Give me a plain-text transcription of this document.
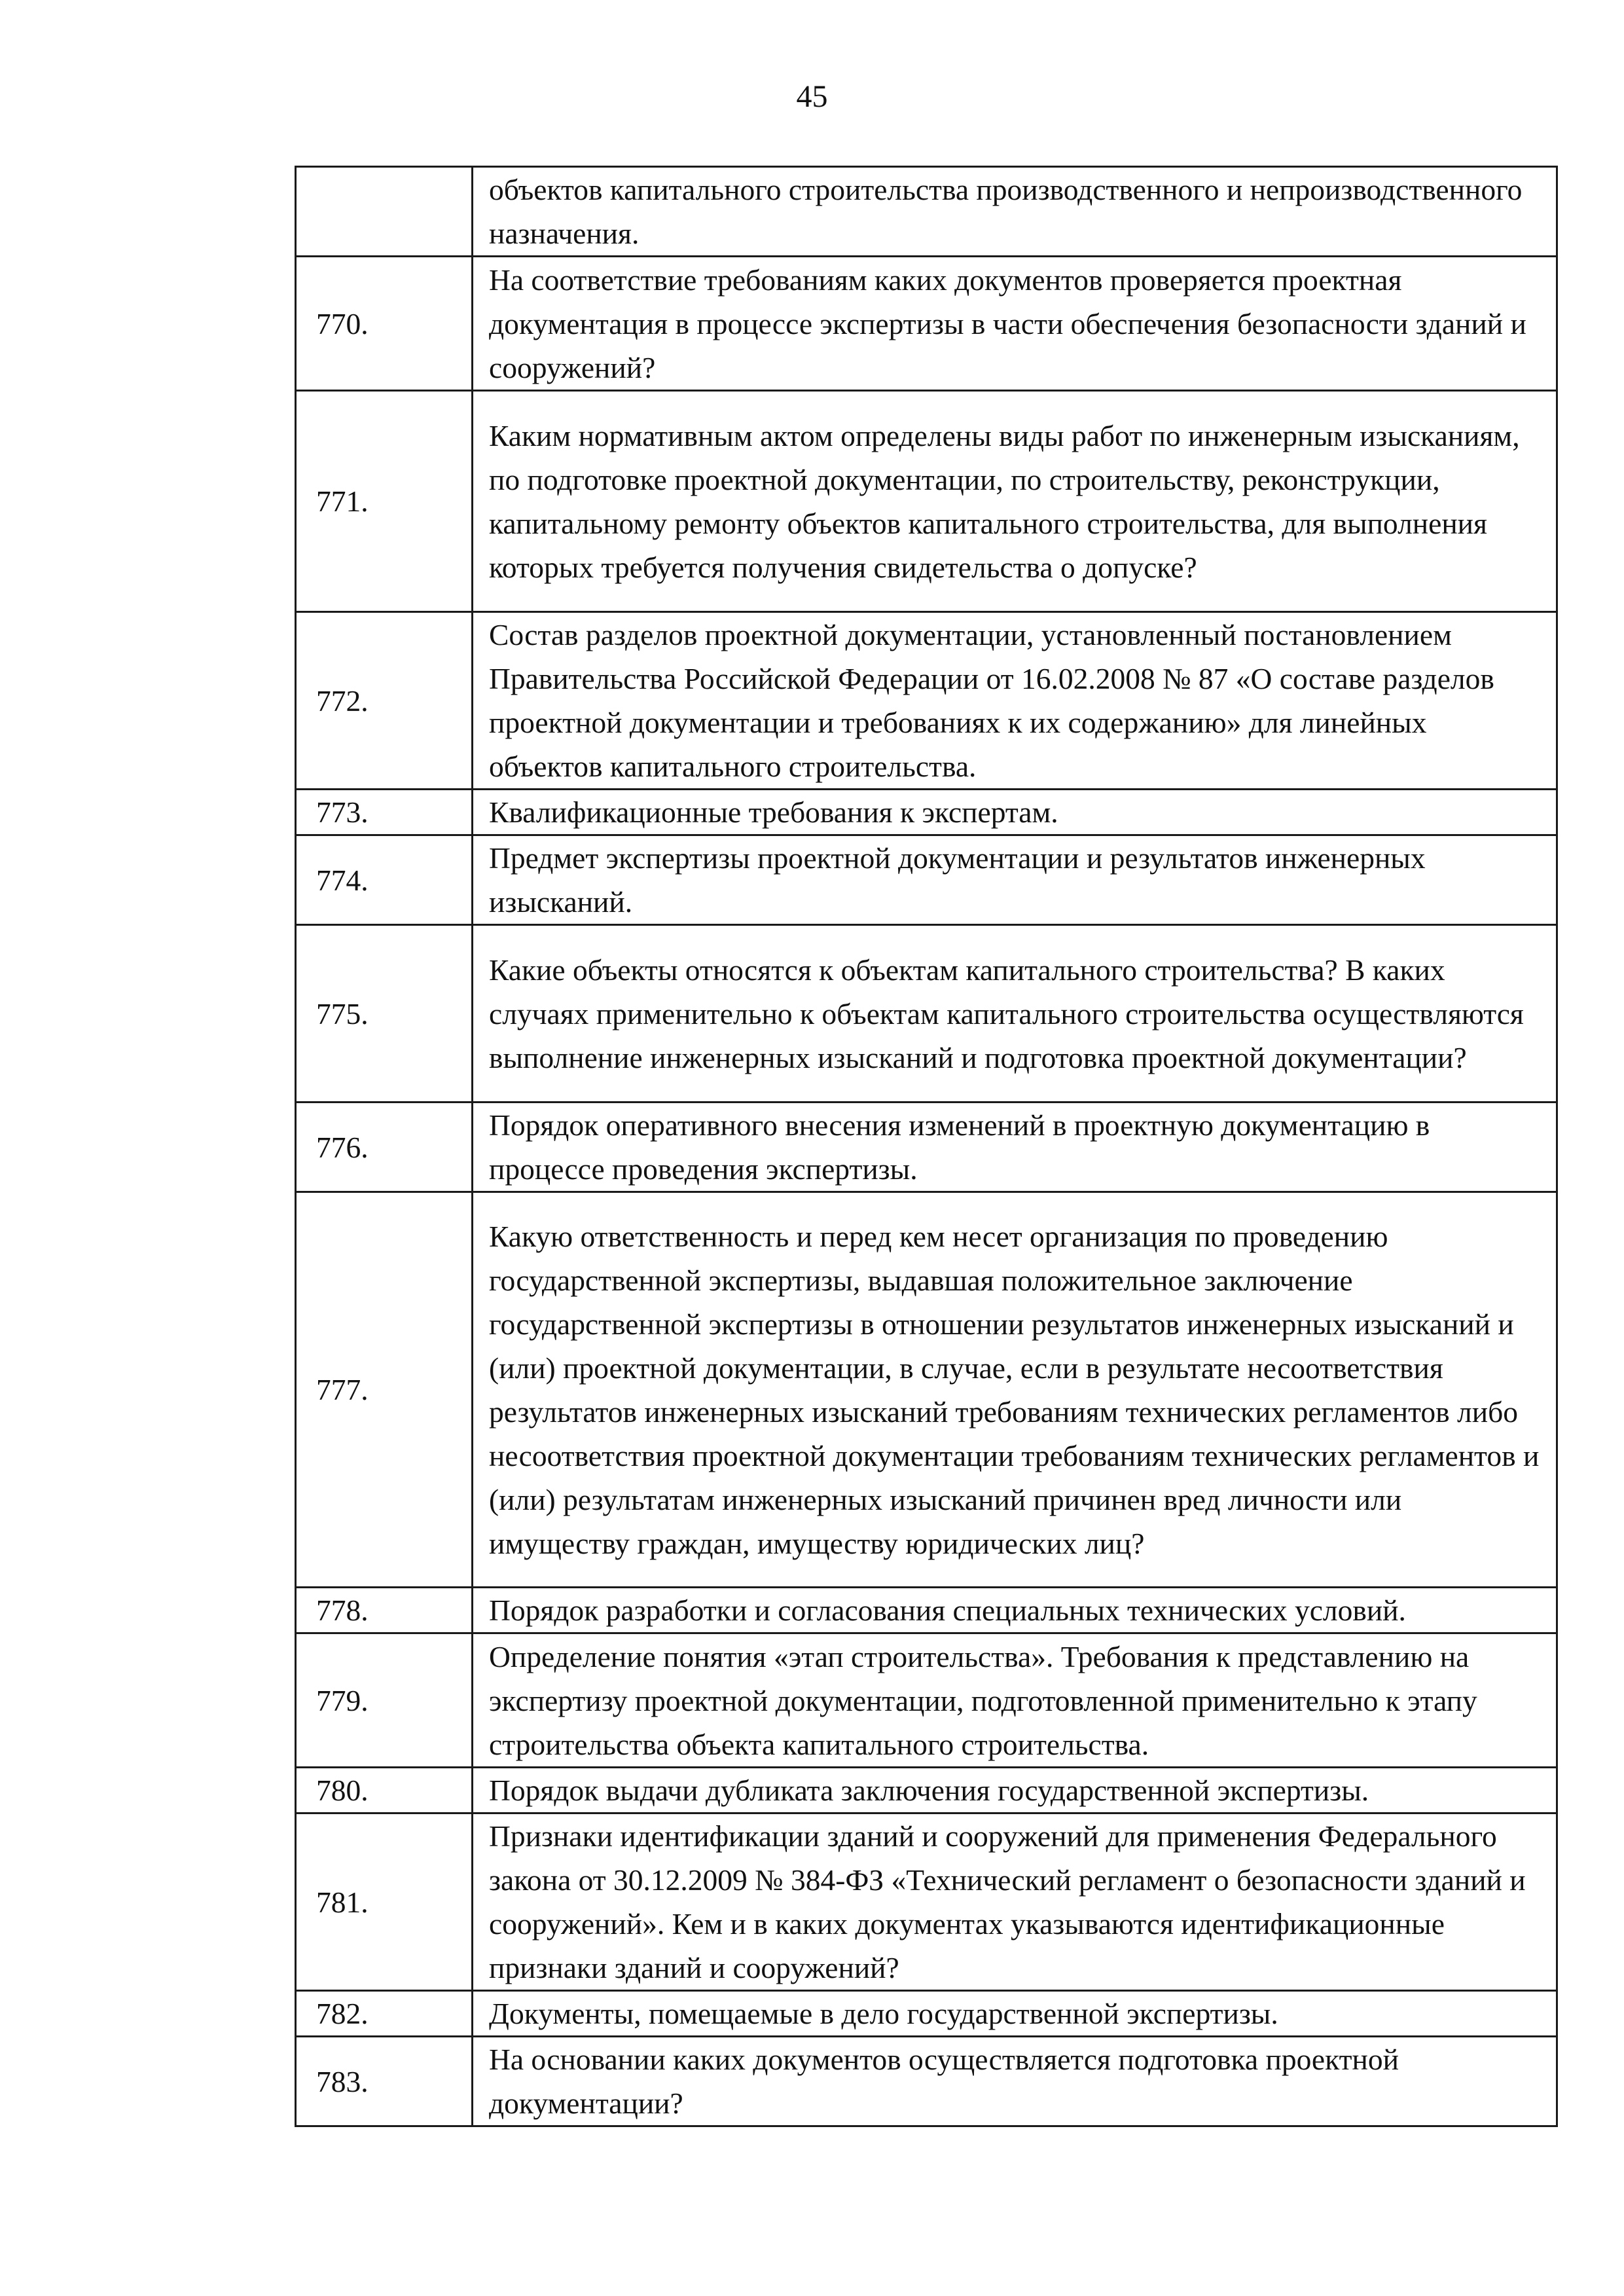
45
	объектов капитального строительства производственного и непроизводственного назначения.
770.	На соответствие требованиям каких документов проверяется проектная документация в процессе экспертизы в части обеспечения безопасности зданий и сооружений?
771.	Каким нормативным актом определены виды работ по инженерным изысканиям, по подготовке проектной документации, по строительству, реконструкции, капитальному ремонту объектов капитального строительства, для выполнения которых требуется получения свидетельства о допуске?
772.	Состав разделов проектной документации, установленный постановлением Правительства Российской Федерации от 16.02.2008 № 87 «О составе разделов проектной документации и требованиях к их содержанию» для линейных объектов капитального строительства.
773.	Квалификационные требования к экспертам.
774.	Предмет экспертизы проектной документации и результатов инженерных изысканий.
775.	Какие объекты относятся к объектам капитального строительства? В каких случаях применительно к объектам капитального строительства осуществляются выполнение инженерных изысканий и подготовка проектной документации?
776.	Порядок оперативного внесения изменений в проектную документацию в процессе проведения экспертизы.
777.	Какую ответственность и перед кем несет организация по проведению государственной экспертизы, выдавшая положительное заключение государственной экспертизы в отношении результатов инженерных изысканий и (или) проектной документации, в случае, если в результате несоответствия результатов инженерных изысканий требованиям технических регламентов либо несоответствия проектной документации требованиям технических регламентов и (или) результатам инженерных изысканий причинен вред личности или имуществу граждан, имуществу юридических лиц?
778.	Порядок разработки и согласования специальных технических условий.
779.	Определение понятия «этап строительства». Требования к представлению на экспертизу проектной документации, подготовленной применительно к этапу строительства объекта капитального строительства.
780.	Порядок выдачи дубликата заключения государственной экспертизы.
781.	Признаки идентификации зданий и сооружений для применения Федерального закона от 30.12.2009 № 384-ФЗ «Технический регламент о безопасности зданий и сооружений». Кем и в каких документах указываются идентификационные признаки зданий и сооружений?
782.	Документы, помещаемые в дело государственной экспертизы.
783.	На основании каких документов осуществляется подготовка проектной документации?
